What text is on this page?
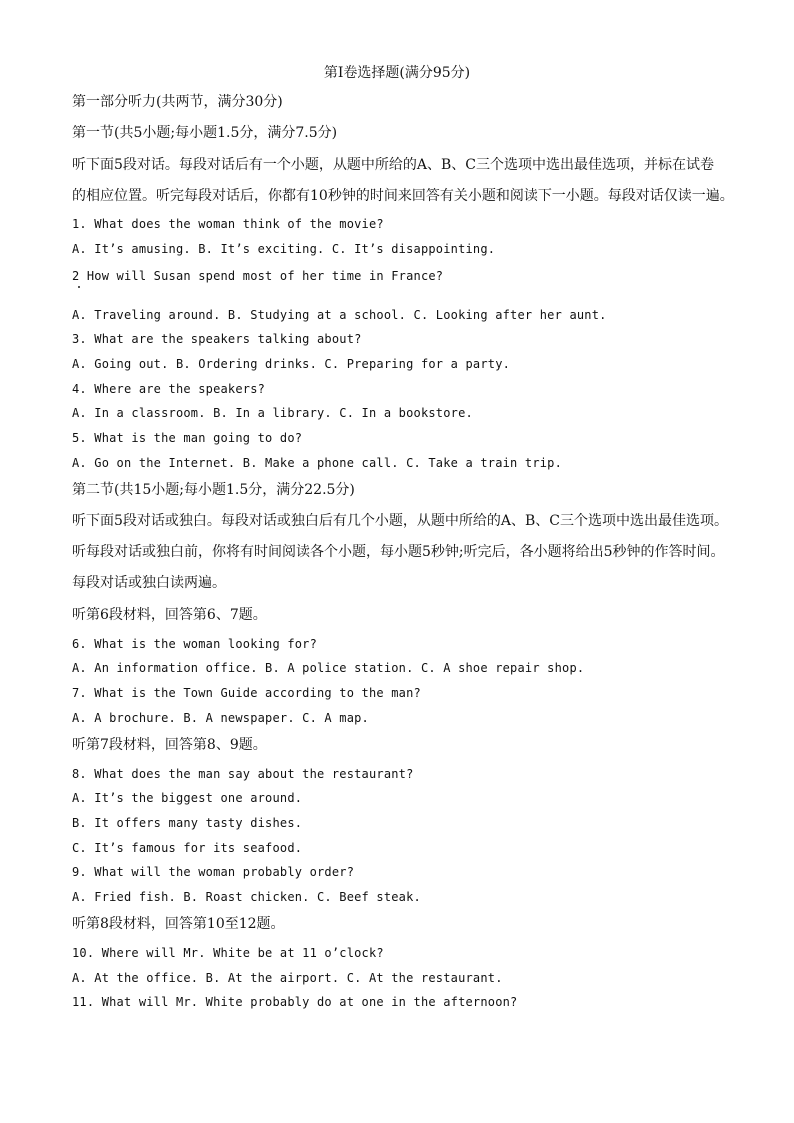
第Ⅰ卷选择题(满分95分)
第一部分听力(共两节，满分30分)
第一节(共5小题;每小题1.5分，满分7.5分)
听下面5段对话。每段对话后有一个小题，从题中所给的A、B、C三个选项中选出最佳选项，并标在试卷
的相应位置。听完每段对话后，你都有10秒钟的时间来回答有关小题和阅读下一小题。每段对话仅读一遍。
1. What does the woman think of the movie?
A. It’s amusing. B. It’s exciting. C. It’s disappointing.
2 How will Susan spend most of her time in France?
A. Traveling around. B. Studying at a school. C. Looking after her aunt.
3. What are the speakers talking about?
A. Going out. B. Ordering drinks. C. Preparing for a party.
4. Where are the speakers?
A. In a classroom. B. In a library. C. In a bookstore.
5. What is the man going to do?
A. Go on the Internet. B. Make a phone call. C. Take a train trip.
第二节(共15小题;每小题1.5分，满分22.5分)
听下面5段对话或独白。每段对话或独白后有几个小题，从题中所给的A、B、C三个选项中选出最佳选项。
听每段对话或独白前，你将有时间阅读各个小题，每小题5秒钟;听完后，各小题将给出5秒钟的作答时间。
每段对话或独白读两遍。
听第6段材料，回答第6、7题。
6. What is the woman looking for?
A. An information office. B. A police station. C. A shoe repair shop.
7. What is the Town Guide according to the man?
A. A brochure. B. A newspaper. C. A map.
听第7段材料，回答第8、9题。
8. What does the man say about the restaurant?
A. It’s the biggest one around.
B. It offers many tasty dishes.
C. It’s famous for its seafood.
9. What will the woman probably order?
A. Fried fish. B. Roast chicken. C. Beef steak.
听第8段材料，回答第10至12题。
10. Where will Mr. White be at 11 o’clock?
A. At the office. B. At the airport. C. At the restaurant.
11. What will Mr. White probably do at one in the afternoon?
